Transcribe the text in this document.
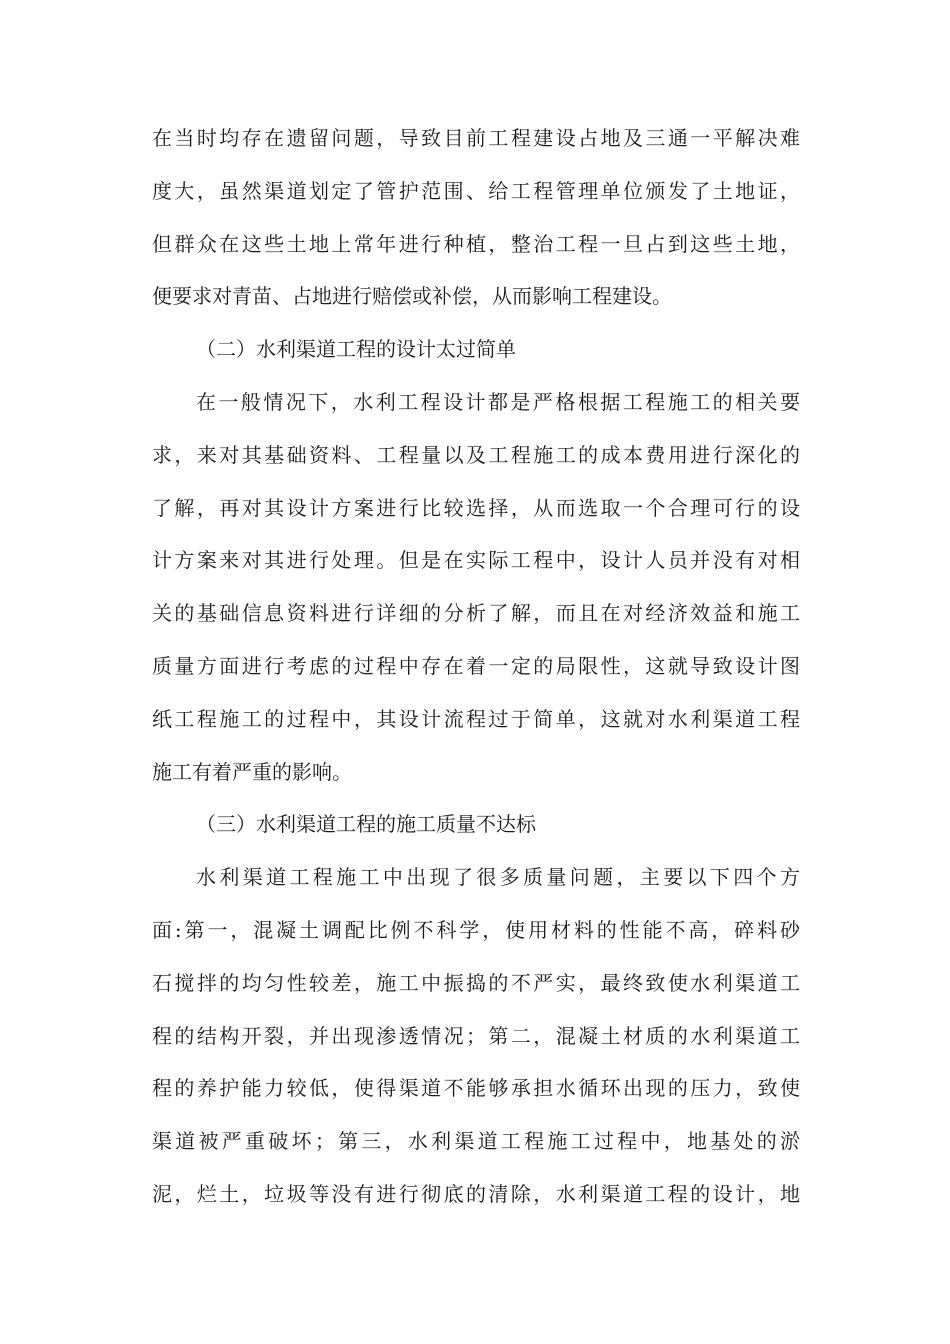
在当时均存在遗留问题，导致目前工程建设占地及三通一平解决难
度大，虽然渠道划定了管护范围、给工程管理单位颁发了土地证，
但群众在这些土地上常年进行种植，整治工程一旦占到这些土地，
便要求对青苗、占地进行赔偿或补偿，从而影响工程建设。
（二）水利渠道工程的设计太过简单
在一般情况下，水利工程设计都是严格根据工程施工的相关要
求，来对其基础资料、工程量以及工程施工的成本费用进行深化的
了解，再对其设计方案进行比较选择，从而选取一个合理可行的设
计方案来对其进行处理。但是在实际工程中，设计人员并没有对相
关的基础信息资料进行详细的分析了解，而且在对经济效益和施工
质量方面进行考虑的过程中存在着一定的局限性，这就导致设计图
纸工程施工的过程中，其设计流程过于简单，这就对水利渠道工程
施工有着严重的影响。
（三）水利渠道工程的施工质量不达标
水利渠道工程施工中出现了很多质量问题，主要以下四个方
面:第一，混凝土调配比例不科学，使用材料的性能不高，碎料砂
石搅拌的均匀性较差，施工中振捣的不严实，最终致使水利渠道工
程的结构开裂，并出现渗透情况；第二，混凝土材质的水利渠道工
程的养护能力较低，使得渠道不能够承担水循环出现的压力，致使
渠道被严重破坏；第三，水利渠道工程施工过程中，地基处的淤
泥，烂土，垃圾等没有进行彻底的清除，水利渠道工程的设计，地
